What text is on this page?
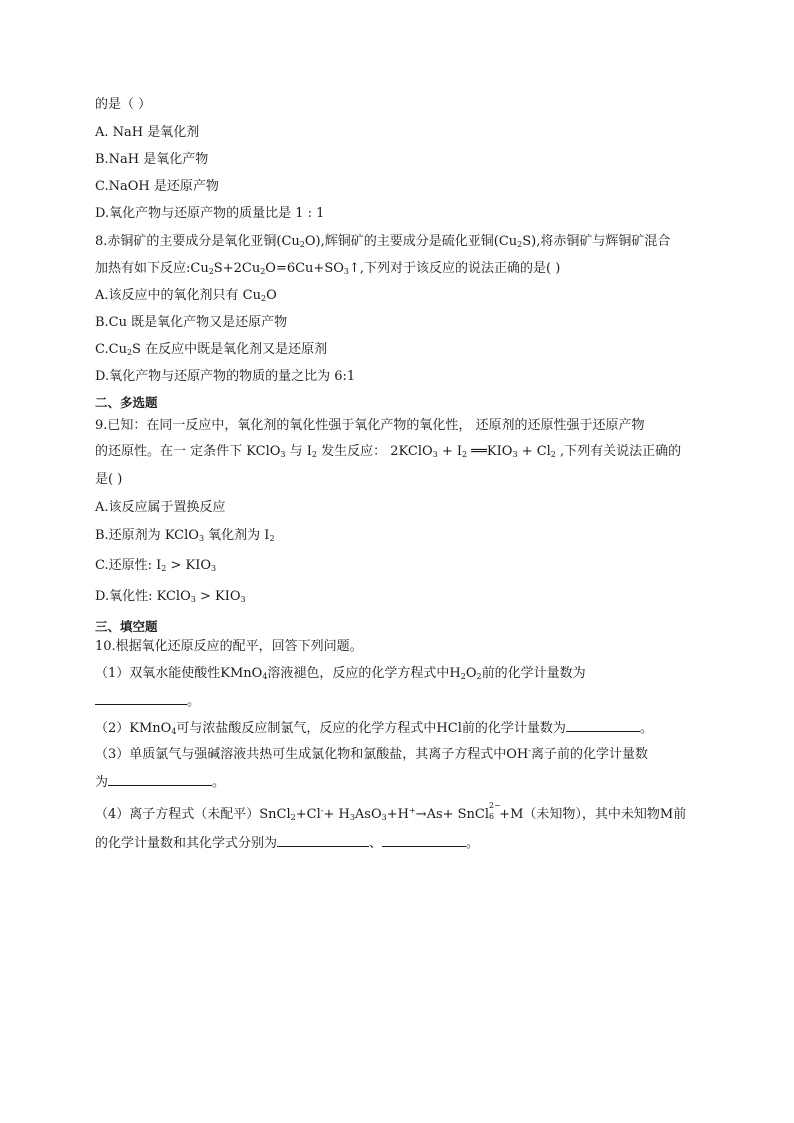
的是（ ）
A. NaH 是氧化剂
B.NaH 是氧化产物
C.NaOH 是还原产物
D.氧化产物与还原产物的质量比是 1 : 1
8.赤铜矿的主要成分是氧化亚铜$(Cu_2O)$,辉铜矿的主要成分是硫化亚铜$(Cu_2S)$,将赤铜矿与辉铜矿混合
加热有如下反应$:Cu_2S+2Cu_2O=6Cu+SO_3↑$,下列对于该反应的说法正确的是( )
A.该反应中的氧化剂只有 $Cu_2O$
B.Cu 既是氧化产物又是还原产物
$C.Cu_2S$ 在反应中既是氧化剂又是还原剂
D.氧化产物与还原产物的物质的量之比为 6:1
二、多选题
9.已知：在同一反应中，氧化剂的氧化性强于氧化产物的氧化性， 还原剂的还原性强于还原产物
的还原性。在一 定条件下 KClO$_3$ 与 $I_2$ 发生反应： 2KClO$_3$ + $I_2$ $══KIO_3 + Cl_2$ ,下列有关说法正确的
是( )
A.该反应属于置换反应
B.还原剂为 KClO$_3$ 氧化剂为 $I_2$
C.还原性: $I_2 > KIO_3$
D.氧化性: KClO$_3$ > $KIO_3$
三、填空题
10.根据氧化还原反应的配平，回答下列问题。
（1）双氧水能使酸性KMnO$_4$溶液褪色，反应的化学方程式中$H_2O_2$前的化学计量数为
。
（2）KMnO$_4$可与浓盐酸反应制氯气，反应的化学方程式中HCl前的化学计量数为	。
（3）单质氯气与强碱溶液共热可生成氯化物和氯酸盐，其离子方程式中OH-离子前的化学计量数
为	。
（4）离子方程式（未配平）SnCl$_2$+Cl-+ $H_3AsO_3+H^+\to As+$ SnCl
2−
6 +M（未知物），其中未知物M前
的化学计量数和其化学式分别为	、	。
